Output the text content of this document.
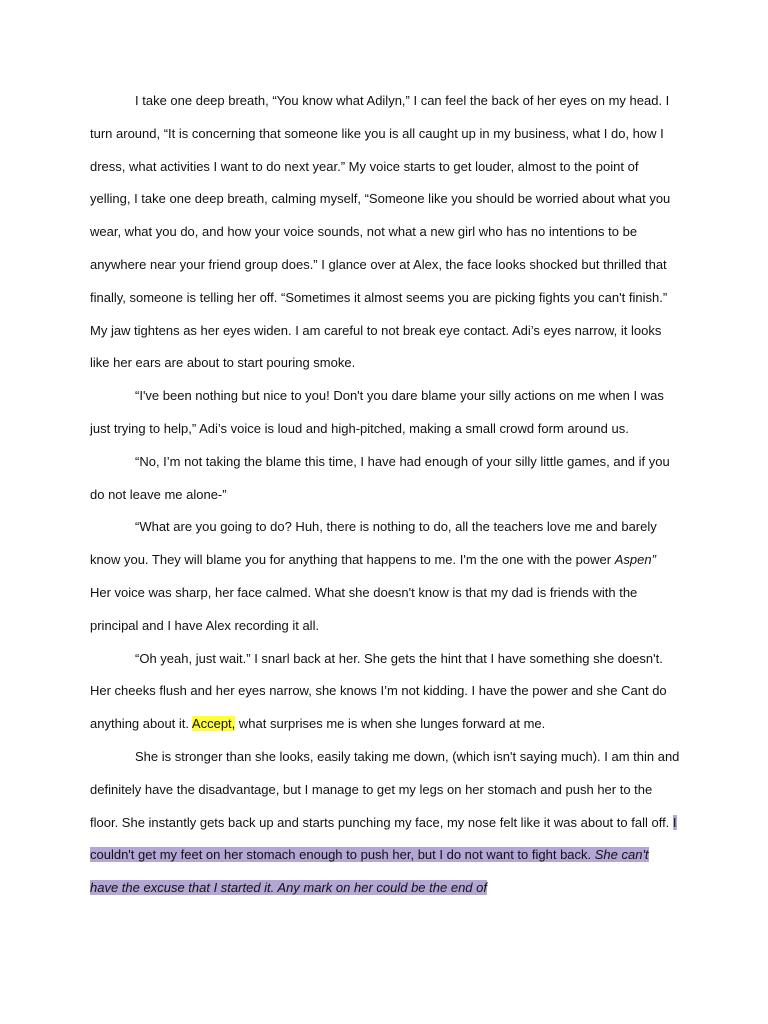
I take one deep breath, “You know what Adilyn,” I can feel the back of her eyes on my head. I turn around, “It is concerning that someone like you is all caught up in my business, what I do, how I dress, what activities I want to do next year.” My voice starts to get louder, almost to the point of yelling, I take one deep breath, calming myself, “Someone like you should be worried about what you wear, what you do, and how your voice sounds, not what a new girl who has no intentions to be anywhere near your friend group does.” I glance over at Alex, the face looks shocked but thrilled that finally, someone is telling her off. “Sometimes it almost seems you are picking fights you can't finish.” My jaw tightens as her eyes widen. I am careful to not break eye contact. Adi’s eyes narrow, it looks like her ears are about to start pouring smoke.

“I've been nothing but nice to you! Don't you dare blame your silly actions on me when I was just trying to help,” Adi’s voice is loud and high-pitched, making a small crowd form around us.

“No, I’m not taking the blame this time, I have had enough of your silly little games, and if you do not leave me alone-”

“What are you going to do? Huh, there is nothing to do, all the teachers love me and barely know you. They will blame you for anything that happens to me. I'm the one with the power Aspen” Her voice was sharp, her face calmed. What she doesn't know is that my dad is friends with the principal and I have Alex recording it all.

“Oh yeah, just wait.” I snarl back at her. She gets the hint that I have something she doesn't. Her cheeks flush and her eyes narrow, she knows I’m not kidding. I have the power and she Cant do anything about it. Accept, what surprises me is when she lunges forward at me.

She is stronger than she looks, easily taking me down, (which isn't saying much). I am thin and definitely have the disadvantage, but I manage to get my legs on her stomach and push her to the floor. She instantly gets back up and starts punching my face, my nose felt like it was about to fall off. I couldn't get my feet on her stomach enough to push her, but I do not want to fight back. She can't have the excuse that I started it. Any mark on her could be the end of
